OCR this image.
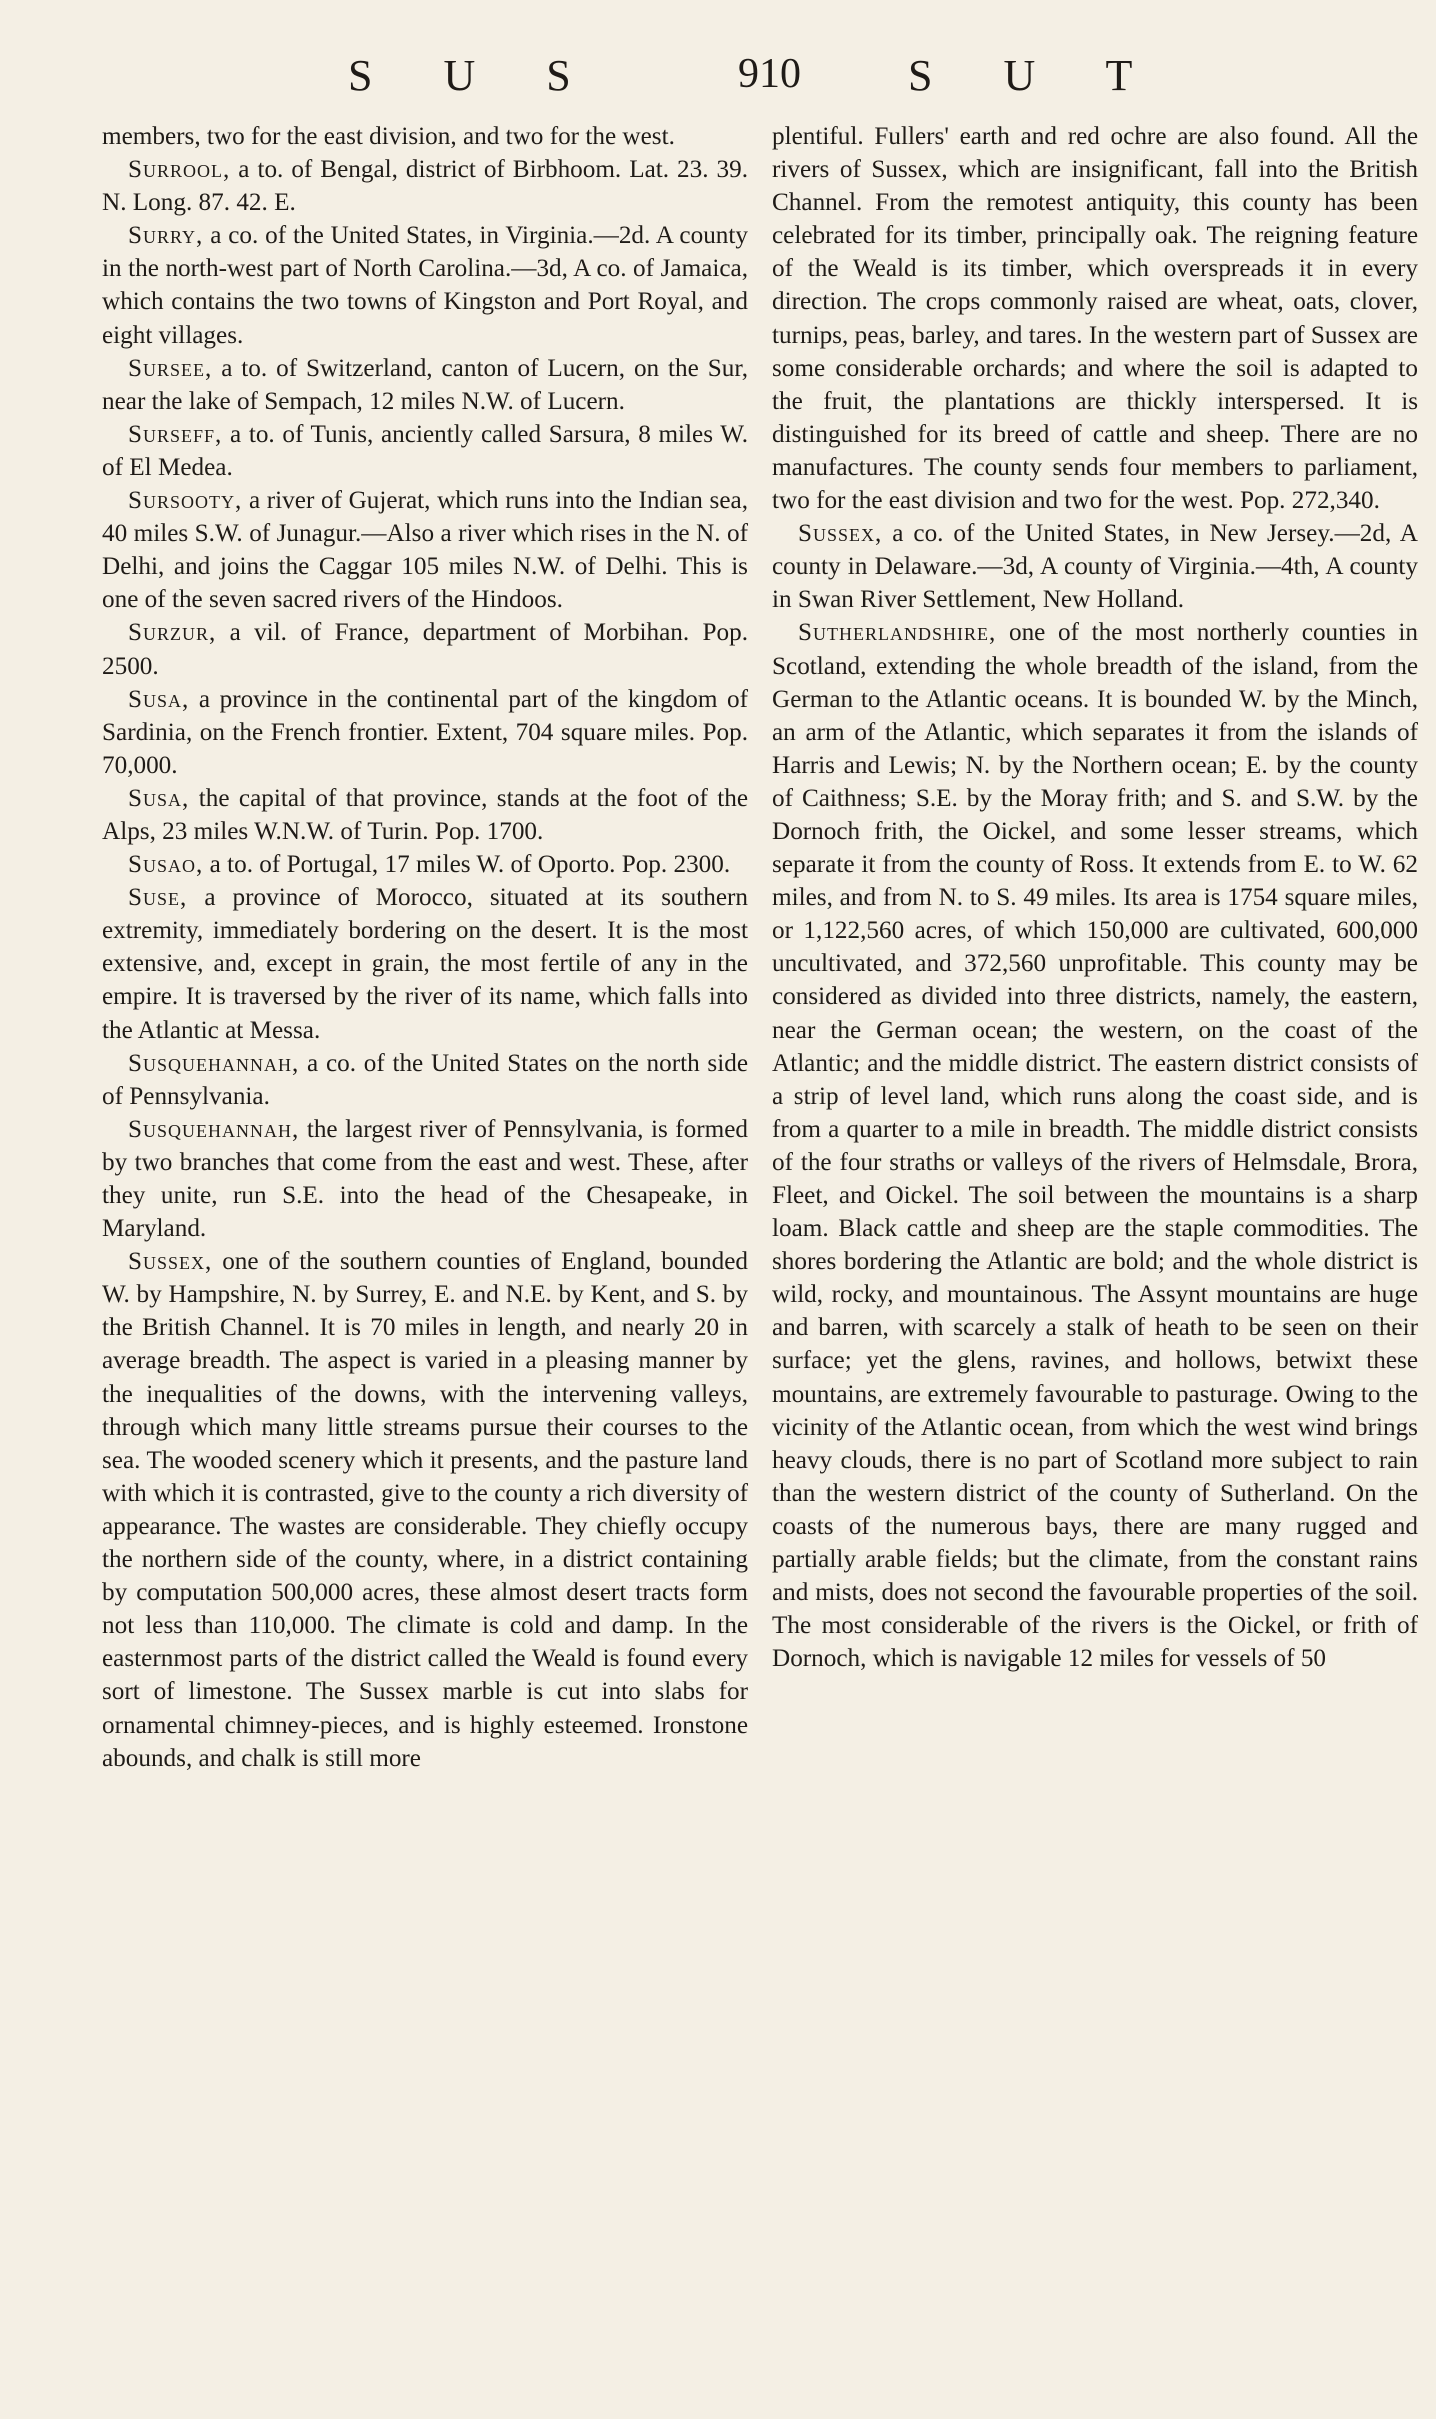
S U S	910 S U T

members, two for the east division, and two for the west.

Surrool, a to. of Bengal, district of Birbhoom. Lat. 23. 39. N. Long. 87. 42. E.

Surry, a co. of the United States, in Virginia.—2d. A county in the north-west part of North Carolina.—3d, A co. of Jamaica, which contains the two towns of Kingston and Port Royal, and eight villages.

Sursee, a to. of Switzerland, canton of Lucern, on the Sur, near the lake of Sempach, 12 miles N.W. of Lucern.

Surseff, a to. of Tunis, anciently called Sarsura, 8 miles W. of El Medea.

Sursooty, a river of Gujerat, which runs into the Indian sea, 40 miles S.W. of Junagur.—Also a river which rises in the N. of Delhi, and joins the Caggar 105 miles N.W. of Delhi. This is one of the seven sacred rivers of the Hindoos.

Surzur, a vil. of France, department of Morbihan. Pop. 2500.

Susa, a province in the continental part of the kingdom of Sardinia, on the French frontier. Extent, 704 square miles. Pop. 70,000.

Susa, the capital of that province, stands at the foot of the Alps, 23 miles W.N.W. of Turin. Pop. 1700.

Susao, a to. of Portugal, 17 miles W. of Oporto. Pop. 2300.

Suse, a province of Morocco, situated at its southern extremity, immediately bordering on the desert. It is the most extensive, and, except in grain, the most fertile of any in the empire. It is traversed by the river of its name, which falls into the Atlantic at Messa.

Susquehannah, a co. of the United States on the north side of Pennsylvania.

Susquehannah, the largest river of Pennsylvania, is formed by two branches that come from the east and west. These, after they unite, run S.E. into the head of the Chesapeake, in Maryland.

Sussex, one of the southern counties of England, bounded W. by Hampshire, N. by Surrey, E. and N.E. by Kent, and S. by the British Channel. It is 70 miles in length, and nearly 20 in average breadth. The aspect is varied in a pleasing manner by the inequalities of the downs, with the intervening valleys, through which many little streams pursue their courses to the sea. The wooded scenery which it presents, and the pasture land with which it is contrasted, give to the county a rich diversity of appearance. The wastes are considerable. They chiefly occupy the northern side of the county, where, in a district containing by computation 500,000 acres, these almost desert tracts form not less than 110,000. The climate is cold and damp. In the easternmost parts of the district called the Weald is found every sort of limestone. The Sussex marble is cut into slabs for ornamental chimney-pieces, and is highly esteemed. Ironstone abounds, and chalk is still more

plentiful. Fullers' earth and red ochre are also found. All the rivers of Sussex, which are insignificant, fall into the British Channel. From the remotest antiquity, this county has been celebrated for its timber, principally oak. The reigning feature of the Weald is its timber, which overspreads it in every direction. The crops commonly raised are wheat, oats, clover, turnips, peas, barley, and tares. In the western part of Sussex are some considerable orchards; and where the soil is adapted to the fruit, the plantations are thickly interspersed. It is distinguished for its breed of cattle and sheep. There are no manufactures. The county sends four members to parliament, two for the east division and two for the west. Pop. 272,340.

Sussex, a co. of the United States, in New Jersey.—2d, A county in Delaware.—3d, A county of Virginia.—4th, A county in Swan River Settlement, New Holland.

Sutherlandshire, one of the most northerly counties in Scotland, extending the whole breadth of the island, from the German to the Atlantic oceans. It is bounded W. by the Minch, an arm of the Atlantic, which separates it from the islands of Harris and Lewis; N. by the Northern ocean; E. by the county of Caithness; S.E. by the Moray frith; and S. and S.W. by the Dornoch frith, the Oickel, and some lesser streams, which separate it from the county of Ross. It extends from E. to W. 62 miles, and from N. to S. 49 miles. Its area is 1754 square miles, or 1,122,560 acres, of which 150,000 are cultivated, 600,000 uncultivated, and 372,560 unprofitable. This county may be considered as divided into three districts, namely, the eastern, near the German ocean; the western, on the coast of the Atlantic; and the middle district. The eastern district consists of a strip of level land, which runs along the coast side, and is from a quarter to a mile in breadth. The middle district consists of the four straths or valleys of the rivers of Helmsdale, Brora, Fleet, and Oickel. The soil between the mountains is a sharp loam. Black cattle and sheep are the staple commodities. The shores bordering the Atlantic are bold; and the whole district is wild, rocky, and mountainous. The Assynt mountains are huge and barren, with scarcely a stalk of heath to be seen on their surface; yet the glens, ravines, and hollows, betwixt these mountains, are extremely favourable to pasturage. Owing to the vicinity of the Atlantic ocean, from which the west wind brings heavy clouds, there is no part of Scotland more subject to rain than the western district of the county of Sutherland. On the coasts of the numerous bays, there are many rugged and partially arable fields; but the climate, from the constant rains and mists, does not second the favourable properties of the soil. The most considerable of the rivers is the Oickel, or frith of Dornoch, which is navigable 12 miles for vessels of 50
